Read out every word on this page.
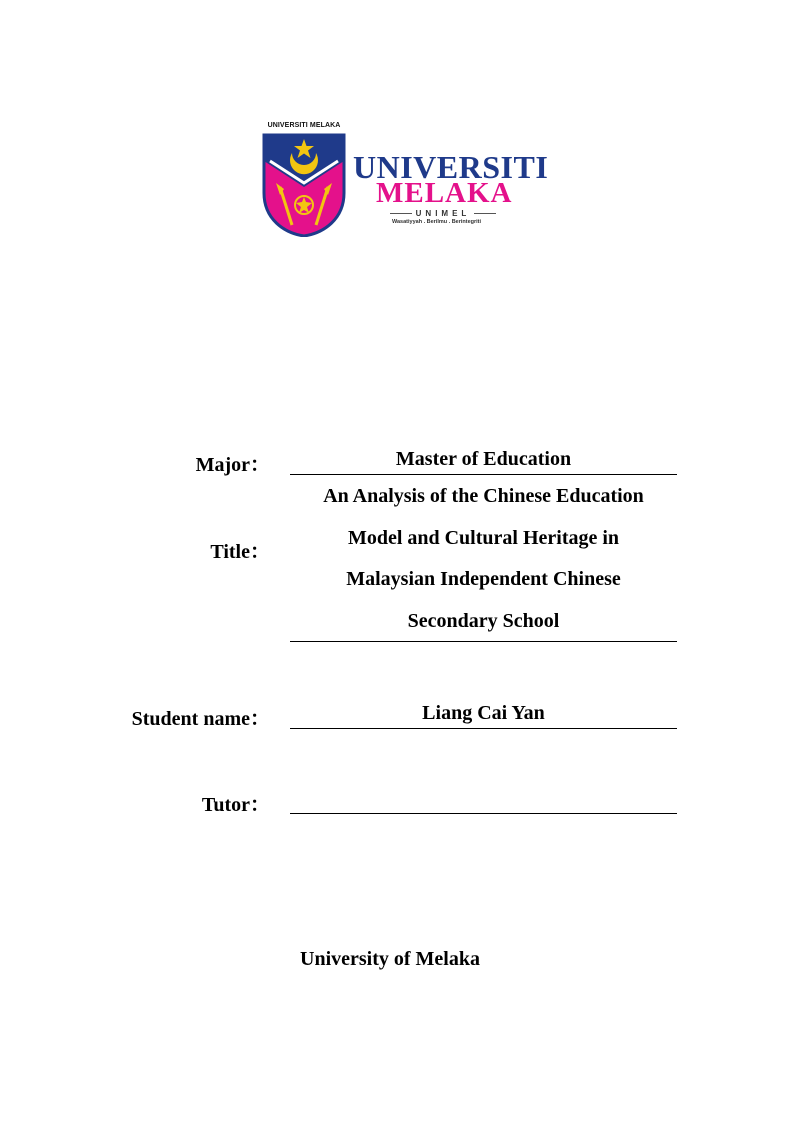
UNIVERSITI MELAKA
UNIVERSITI
MELAKA
UNIMEL
Wasatiyyah . Berilmu . Berintegriti
Major：	Master of Education
Title：
An Analysis of the Chinese Education
Model and Cultural Heritage in
Malaysian Independent Chinese
Secondary School
Student name：	Liang Cai Yan
Tutor：
University of Melaka
